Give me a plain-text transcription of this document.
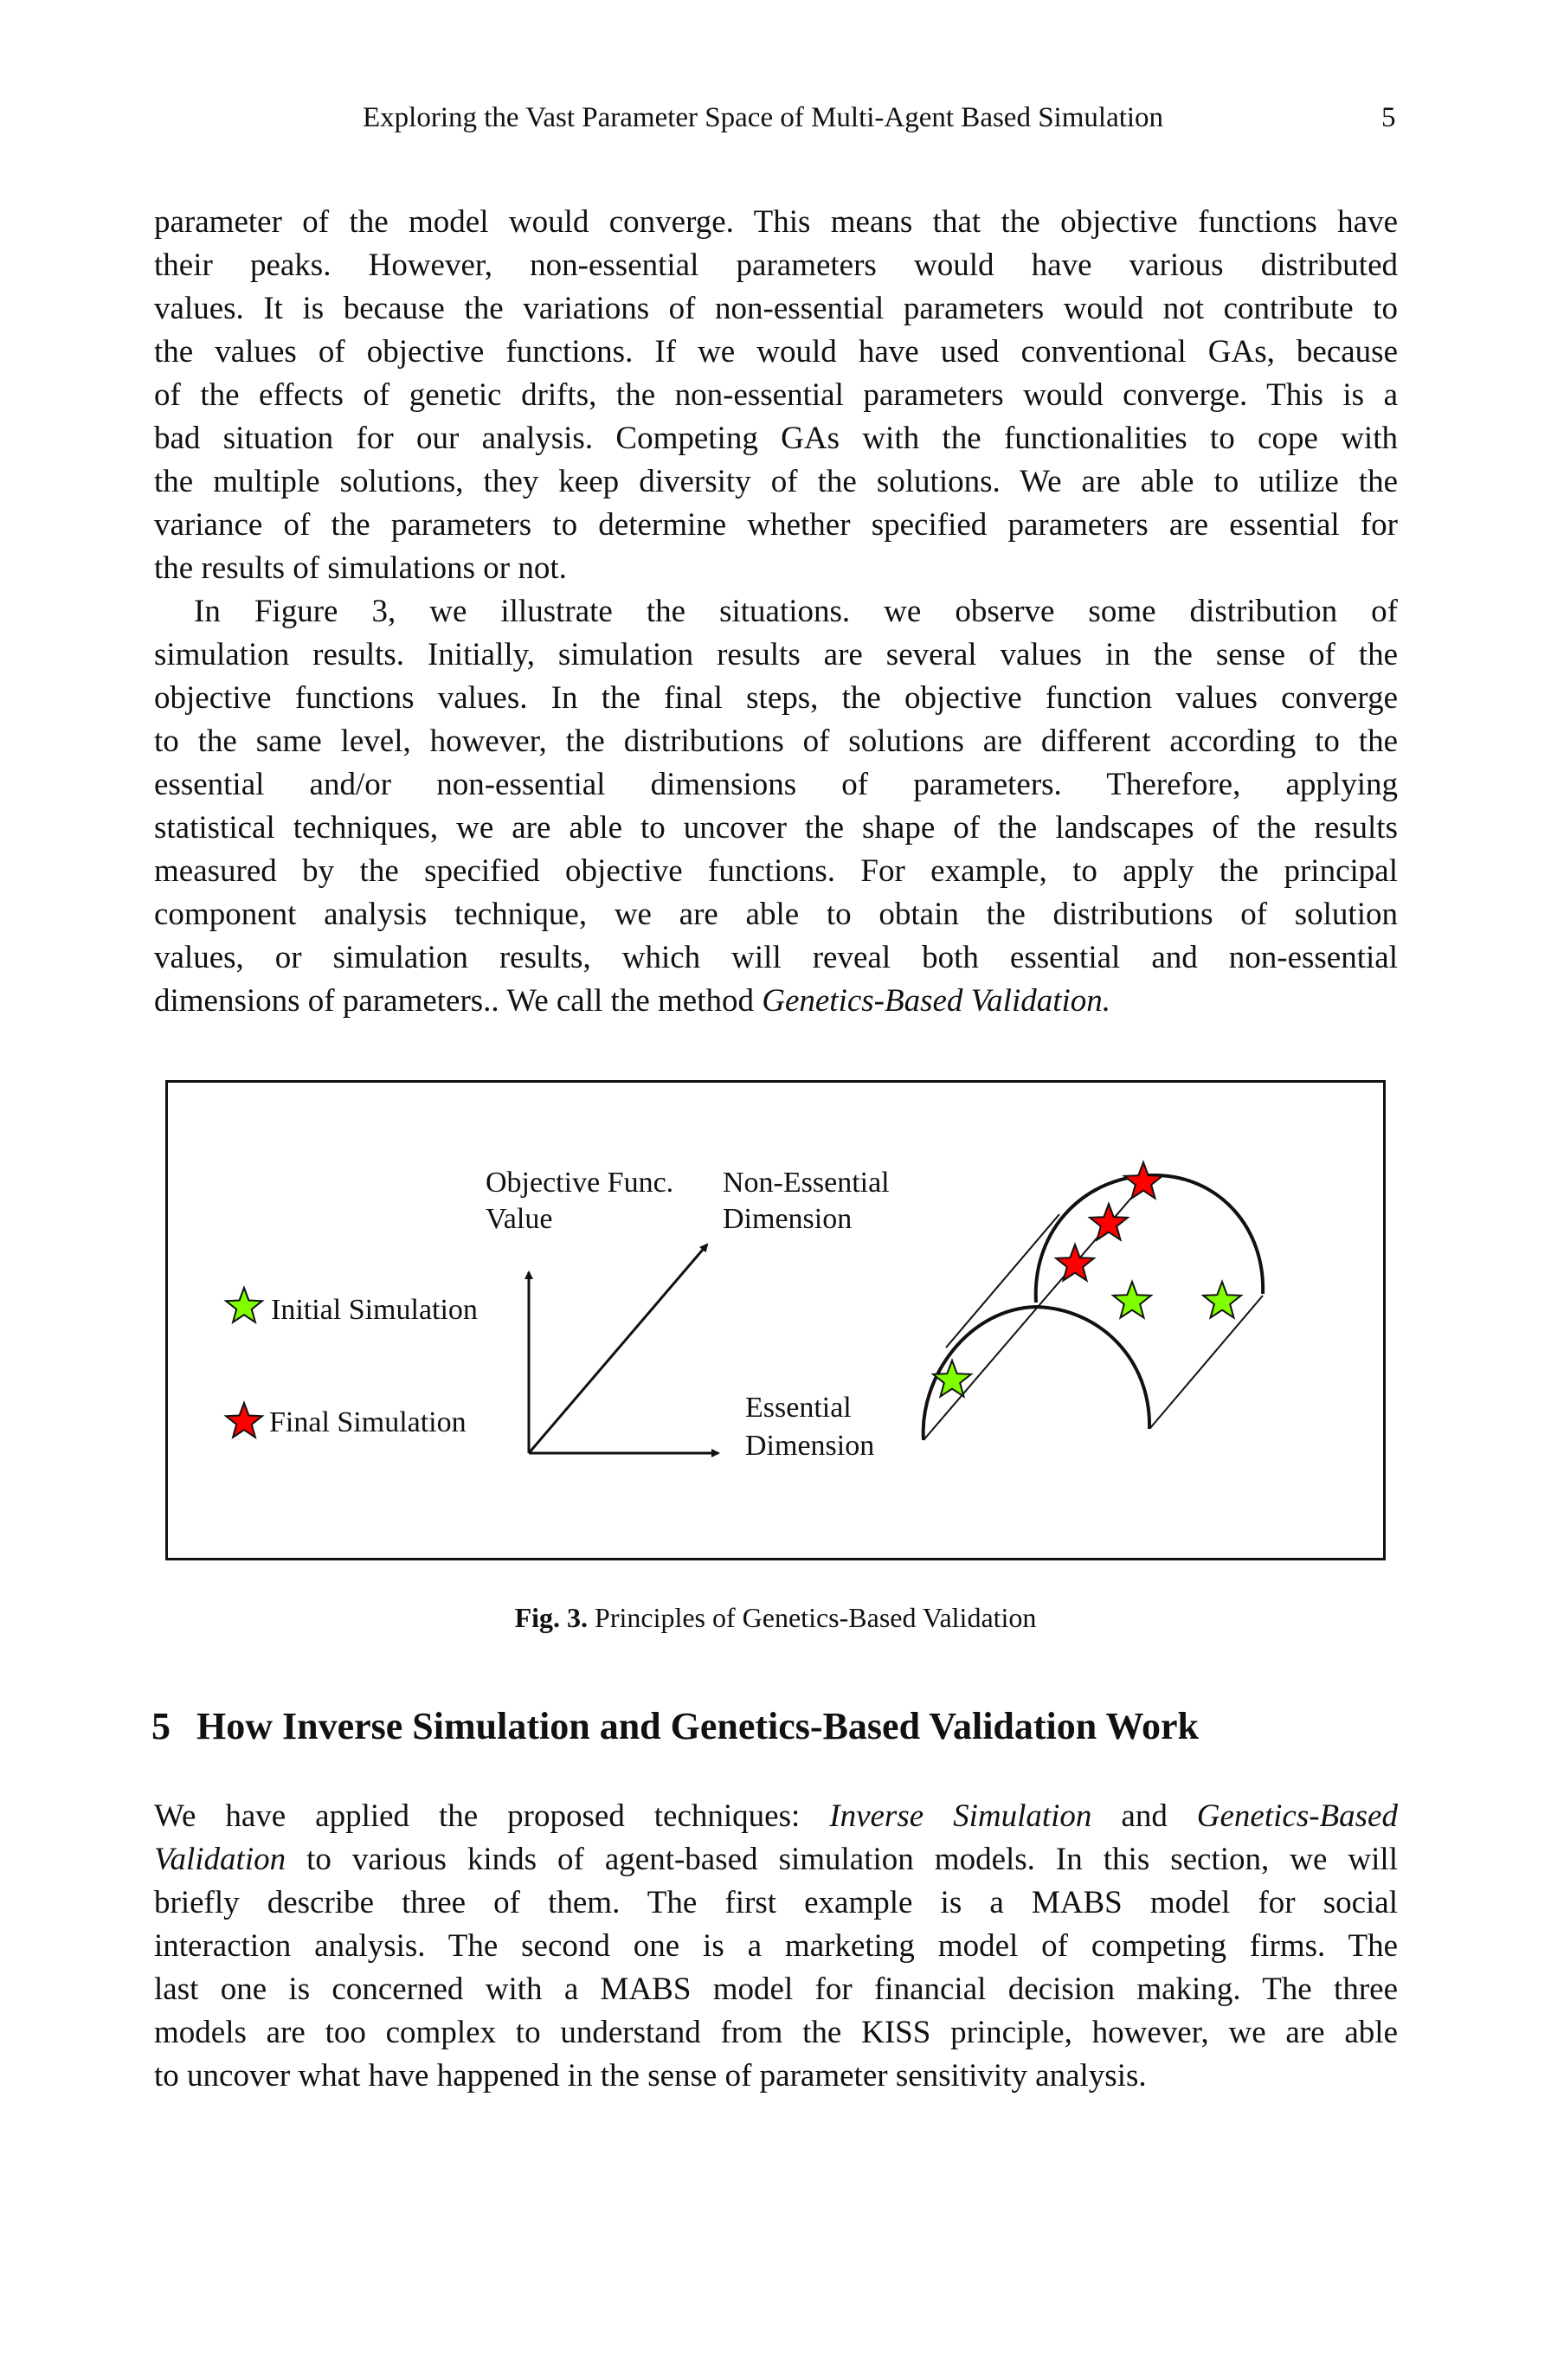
Exploring the Vast Parameter Space of Multi-Agent Based Simulation	5
parameter of the model would converge. This means that the objective functions have
their peaks. However, non-essential parameters would have various distributed
values. It is because the variations of non-essential parameters would not contribute to
the values of objective functions. If we would have used conventional GAs, because
of the effects of genetic drifts, the non-essential parameters would converge. This is a
bad situation for our analysis. Competing GAs with the functionalities to cope with
the multiple solutions, they keep diversity of the solutions. We are able to utilize the
variance of the parameters to determine whether specified parameters are essential for
the results of simulations or not.
In Figure 3, we illustrate the situations. we observe some distribution of
simulation results. Initially, simulation results are several values in the sense of the
objective functions values. In the final steps, the objective function values converge
to the same level, however, the distributions of solutions are different according to the
essential and/or non-essential dimensions of parameters. Therefore, applying
statistical techniques, we are able to uncover the shape of the landscapes of the results
measured by the specified objective functions. For example, to apply the principal
component analysis technique, we are able to obtain the distributions of solution
values, or simulation results, which will reveal both essential and non-essential
dimensions of parameters.. We call the method Genetics-Based Validation.
Initial Simulation
Final Simulation
Objective Func.
Value
Non-Essential
Dimension
Essential
Dimension
Fig. 3. Principles of Genetics-Based Validation
5 How Inverse Simulation and Genetics-Based Validation Work
We have applied the proposed techniques: Inverse Simulation and Genetics-Based
Validation to various kinds of agent-based simulation models. In this section, we will
briefly describe three of them. The first example is a MABS model for social
interaction analysis. The second one is a marketing model of competing firms. The
last one is concerned with a MABS model for financial decision making. The three
models are too complex to understand from the KISS principle, however, we are able
to uncover what have happened in the sense of parameter sensitivity analysis.
